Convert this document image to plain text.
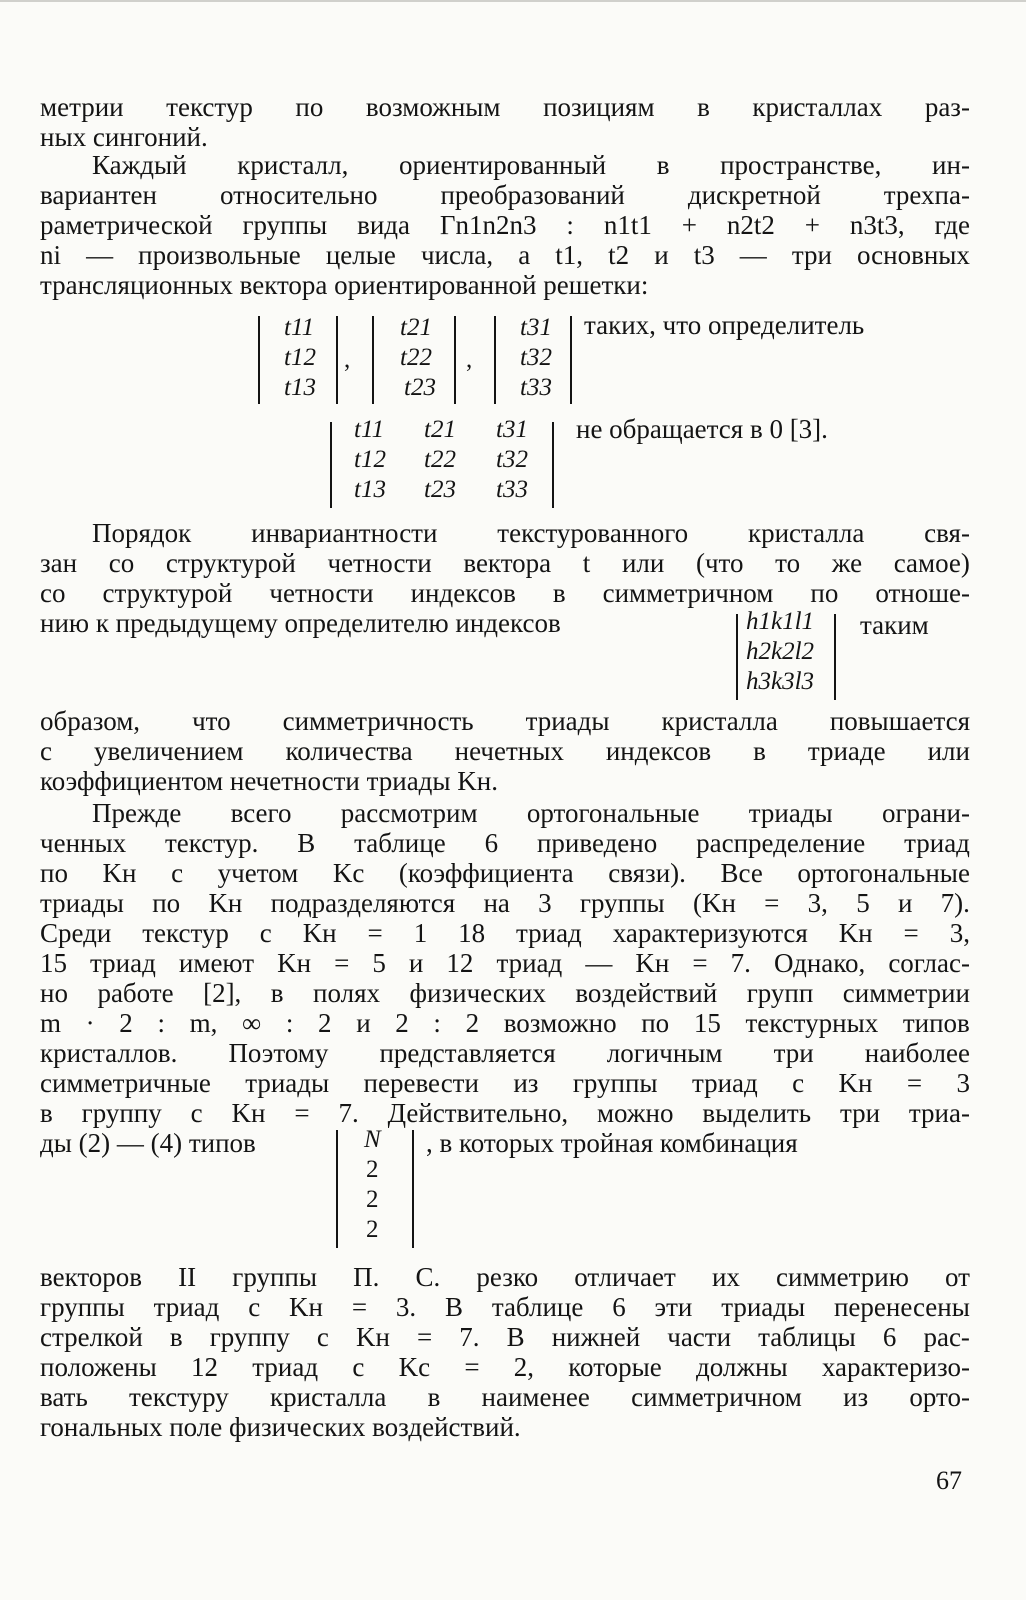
метрии текстур по возможным позициям в кристаллах раз-
ных сингоний.
Каждый кристалл, ориентированный в пространстве, ин-
вариантен относительно преобразований дискретной трехпа-
раметрической группы вида Γn1n2n3 : n1t1 + n2t2 + n3t3, где
ni — произвольные целые числа, а t1, t2 и t3 — три основных
трансляционных вектора ориентированной решетки:
Порядок инвариантности текстурованного кристалла свя-
зан со структурой четности вектора t или (что то же самое)
со структурой четности индексов в симметричном по отноше-
нию к предыдущему определителю индексов
образом, что симметричность триады кристалла повышается
с увеличением количества нечетных индексов в триаде или
коэффициентом нечетности триады Kн.
Прежде всего рассмотрим ортогональные триады ограни-
ченных текстур. В таблице 6 приведено распределение триад
по Kн с учетом Kс (коэффициента связи). Все ортогональные
триады по Kн подразделяются на 3 группы (Kн = 3, 5 и 7).
Среди текстур с Kн = 1 18 триад характеризуются Kн = 3,
15 триад имеют Kн = 5 и 12 триад — Kн = 7. Однако, соглас-
но работе [2], в полях физических воздействий групп симметрии
m · 2 : m, ∞ : 2 и 2 : 2 возможно по 15 текстурных типов
кристаллов. Поэтому представляется логичным три наиболее
симметричные триады перевести из группы триад с Kн = 3
в группу с Kн = 7. Действительно, можно выделить три триа-
ды (2) — (4) типов
векторов II группы П. С. резко отличает их симметрию от
группы триад с Kн = 3. В таблице 6 эти триады перенесены
стрелкой в группу с Kн = 7. В нижней части таблицы 6 рас-
положены 12 триад с Kс = 2, которые должны характеризо-
вать текстуру кристалла в наименее симметричном из орто-
гональных поле физических воздействий.
t11
t12
t13
,
t21
t22
t23
,
t31
t32
t33
таких, что определитель
t11 t21 t31
t12 t22 t32
t13 t23 t33
не обращается в 0 [3].
h1k1l1
h2k2l2
h3k3l3
таким
N
2
2
2
, в которых тройная комбинация
67
